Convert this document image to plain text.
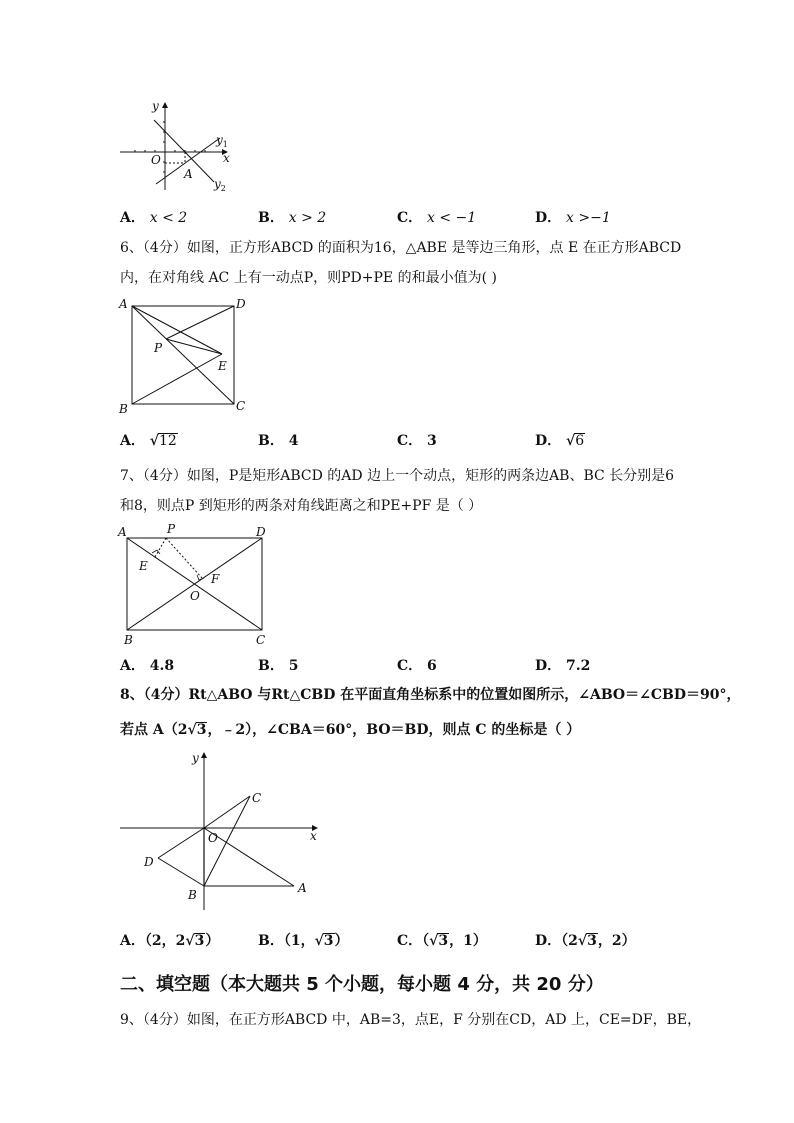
y
x
O
A
$y_1$
$y_2$
A． x < 2	B． x > 2	C． x < −1	D． x >−1
6、（4分）如图，正方形ABCD 的面积为16，△ABE 是等边三角形，点 E 在正方形ABCD
内，在对角线 AC 上有一动点P，则PD+PE 的和最小值为( )
A	D
B	C
P
E
A． √12	B． 4	C． 3	D． √6
7、（4分）如图，P是矩形ABCD 的AD 边上一个动点，矩形的两条边AB、BC 长分别是6
和8，则点P 到矩形的两条对角线距离之和PE+PF 是（ ）
A	P	D
E
F
O
B	C
A． 4.8	B． 5	C． 6	D． 7.2
8、（4分）Rt△ABO 与Rt△CBD 在平面直角坐标系中的位置如图所示，∠ABO＝∠CBD＝90°，
若点 A（2√3，﹣2），∠CBA＝60°，BO＝BD，则点 C 的坐标是（ ）
y
x
C
O
D
B	A
A．（2，2√3）	B．（1，√3）	C．（√3，1）	D．（2√3，2）
二、填空题（本大题共 5 个小题，每小题 4 分，共 20 分）
9、（4分）如图，在正方形ABCD 中，AB=3，点E，F 分别在CD，AD 上，CE=DF，BE，
